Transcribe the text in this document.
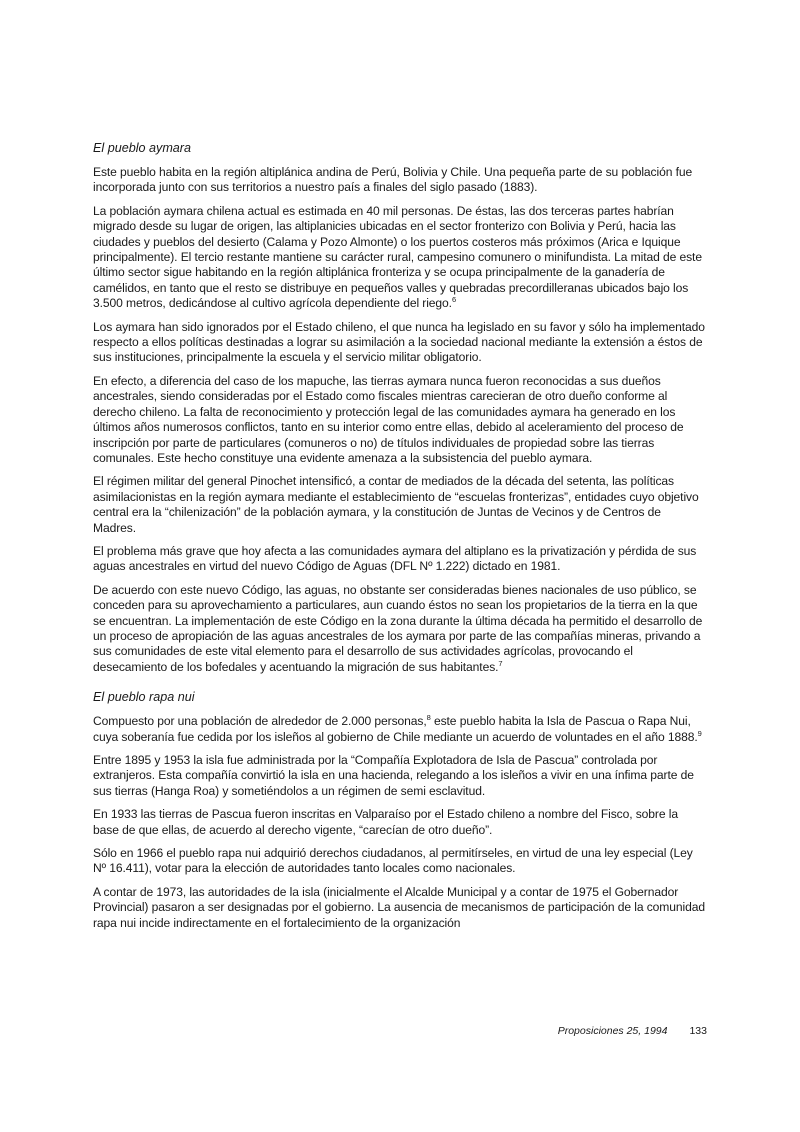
El pueblo aymara

Este pueblo habita en la región altiplánica andina de Perú, Bolivia y Chile. Una pequeña parte de su población fue incorporada junto con sus territorios a nuestro país a finales del siglo pasado (1883).

La población aymara chilena actual es estimada en 40 mil personas. De éstas, las dos terceras partes habrían migrado desde su lugar de origen, las altiplanicies ubicadas en el sector fronterizo con Bolivia y Perú, hacia las ciudades y pueblos del desierto (Calama y Pozo Almonte) o los puertos costeros más próximos (Arica e Iquique principalmente). El tercio restante mantiene su carácter rural, campesino comunero o minifundista. La mitad de este último sector sigue habitando en la región altiplánica fronteriza y se ocupa principalmente de la ganadería de camélidos, en tanto que el resto se distribuye en pequeños valles y quebradas precordilleranas ubicados bajo los 3.500 metros, dedicándose al cultivo agrícola dependiente del riego.$^6$

Los aymara han sido ignorados por el Estado chileno, el que nunca ha legislado en su favor y sólo ha implementado respecto a ellos políticas destinadas a lograr su asimilación a la sociedad nacional mediante la extensión a éstos de sus instituciones, principalmente la escuela y el servicio militar obligatorio.

En efecto, a diferencia del caso de los mapuche, las tierras aymara nunca fueron reconocidas a sus dueños ancestrales, siendo consideradas por el Estado como fiscales mientras carecieran de otro dueño conforme al derecho chileno. La falta de reconocimiento y protección legal de las comunidades aymara ha generado en los últimos años numerosos conflictos, tanto en su interior como entre ellas, debido al aceleramiento del proceso de inscripción por parte de particulares (comuneros o no) de títulos individuales de propiedad sobre las tierras comunales. Este hecho constituye una evidente amenaza a la subsistencia del pueblo aymara.

El régimen militar del general Pinochet intensificó, a contar de mediados de la década del setenta, las políticas asimilacionistas en la región aymara mediante el establecimiento de “escuelas fronterizas”, entidades cuyo objetivo central era la “chilenización” de la población aymara, y la constitución de Juntas de Vecinos y de Centros de Madres.

El problema más grave que hoy afecta a las comunidades aymara del altiplano es la privatización y pérdida de sus aguas ancestrales en virtud del nuevo Código de Aguas (DFL Nº 1.222) dictado en 1981.

De acuerdo con este nuevo Código, las aguas, no obstante ser consideradas bienes nacionales de uso público, se conceden para su aprovechamiento a particulares, aun cuando éstos no sean los propietarios de la tierra en la que se encuentran. La implementación de este Código en la zona durante la última década ha permitido el desarrollo de un proceso de apropiación de las aguas ancestrales de los aymara por parte de las compañías mineras, privando a sus comunidades de este vital elemento para el desarrollo de sus actividades agrícolas, provocando el desecamiento de los bofedales y acentuando la migración de sus habitantes.$^7$

El pueblo rapa nui

Compuesto por una población de alrededor de 2.000 personas,$^8$ este pueblo habita la Isla de Pascua o Rapa Nui, cuya soberanía fue cedida por los isleños al gobierno de Chile mediante un acuerdo de voluntades en el año 1888.$^9$

Entre 1895 y 1953 la isla fue administrada por la “Compañía Explotadora de Isla de Pascua” controlada por extranjeros. Esta compañía convirtió la isla en una hacienda, relegando a los isleños a vivir en una ínfima parte de sus tierras (Hanga Roa) y sometiéndolos a un régimen de semi esclavitud.

En 1933 las tierras de Pascua fueron inscritas en Valparaíso por el Estado chileno a nombre del Fisco, sobre la base de que ellas, de acuerdo al derecho vigente, “carecían de otro dueño”.

Sólo en 1966 el pueblo rapa nui adquirió derechos ciudadanos, al permitírseles, en virtud de una ley especial (Ley Nº 16.411), votar para la elección de autoridades tanto locales como nacionales.

A contar de 1973, las autoridades de la isla (inicialmente el Alcalde Municipal y a contar de 1975 el Gobernador Provincial) pasaron a ser designadas por el gobierno. La ausencia de mecanismos de participación de la comunidad rapa nui incide indirectamente en el fortalecimiento de la organización

Proposiciones 25, 1994 133
